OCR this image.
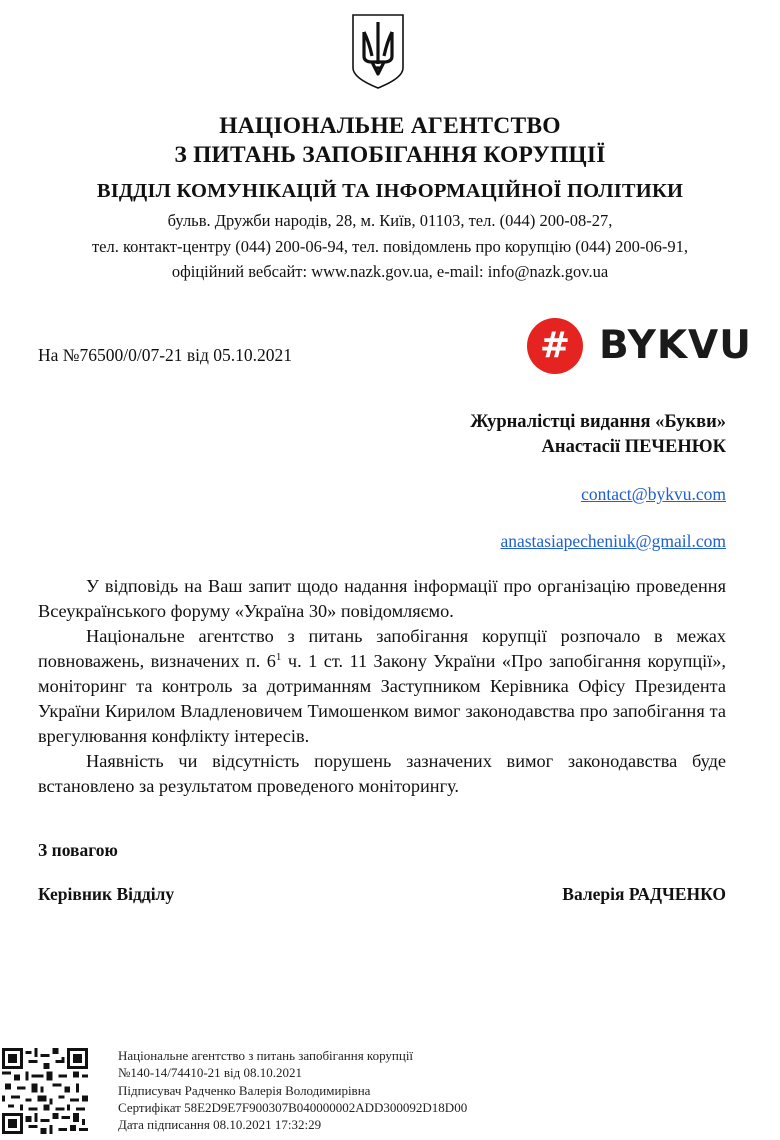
НАЦІОНАЛЬНЕ АГЕНТСТВО
З ПИТАНЬ ЗАПОБІГАННЯ КОРУПЦІЇ
ВІДДІЛ КОМУНІКАЦІЙ ТА ІНФОРМАЦІЙНОЇ ПОЛІТИКИ
бульв. Дружби народів, 28, м. Київ, 01103, тел. (044) 200-08-27,
тел. контакт-центру (044) 200-06-94, тел. повідомлень про корупцію (044) 200-06-91,
офіційний вебсайт: www.nazk.gov.ua, e-mail: info@nazk.gov.ua
На №76500/0/07-21 від 05.10.2021	# BYKVU
Журналістці видання «Букви»
Анастасії ПЕЧЕНЮК
contact@bykvu.com
anastasiapecheniuk@gmail.com

У відповідь на Ваш запит щодо надання інформації про організацію проведення Всеукраїнського форуму «Україна 30» повідомляємо.

Національне агентство з питань запобігання корупції розпочало в межах повноважень, визначених п. $6^1$ ч. 1 ст. 11 Закону України «Про запобігання корупції», моніторинг та контроль за дотриманням Заступником Керівника Офісу Президента України Кирилом Владленовичем Тимошенком вимог законодавства про запобігання та врегулювання конфлікту інтересів.

Наявність чи відсутність порушень зазначених вимог законодавства буде встановлено за результатом проведеного моніторингу.

З повагою
Керівник Відділу	Валерія РАДЧЕНКО
Національне агентство з питань запобігання корупції
№140-14/74410-21 від 08.10.2021
Підписувач Радченко Валерія Володимирівна
Сертифікат 58E2D9E7F900307B040000002ADD300092D18D00
Дата підписання 08.10.2021 17:32:29
